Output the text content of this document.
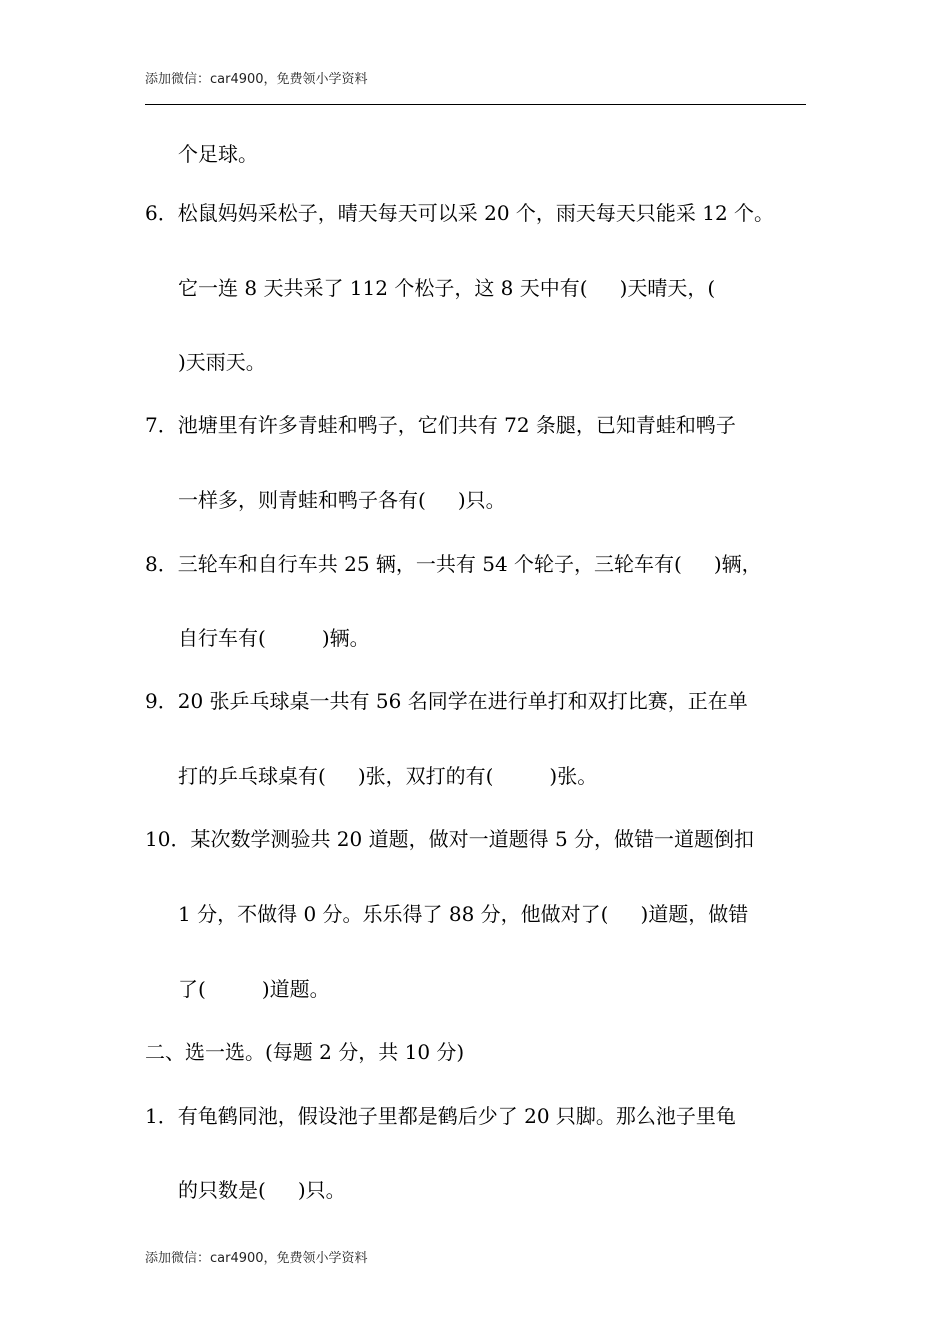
添加微信：car4900，免费领小学资料
个足球。
6．松鼠妈妈采松子，晴天每天可以采 20 个，雨天每天只能采 12 个。
它一连 8 天共采了 112 个松子，这 8 天中有( )天晴天，(
)天雨天。
7．池塘里有许多青蛙和鸭子，它们共有 72 条腿，已知青蛙和鸭子
一样多，则青蛙和鸭子各有( )只。
8．三轮车和自行车共 25 辆，一共有 54 个轮子，三轮车有( )辆，
自行车有(	)辆。
9．20 张乒乓球桌一共有 56 名同学在进行单打和双打比赛，正在单
打的乒乓球桌有( )张，双打的有(	)张。
10．某次数学测验共 20 道题，做对一道题得 5 分，做错一道题倒扣
1 分，不做得 0 分。乐乐得了 88 分，他做对了( )道题，做错
了(	)道题。
二、选一选。(每题 2 分，共 10 分)
1．有龟鹤同池，假设池子里都是鹤后少了 20 只脚。那么池子里龟
的只数是( )只。
添加微信：car4900，免费领小学资料
